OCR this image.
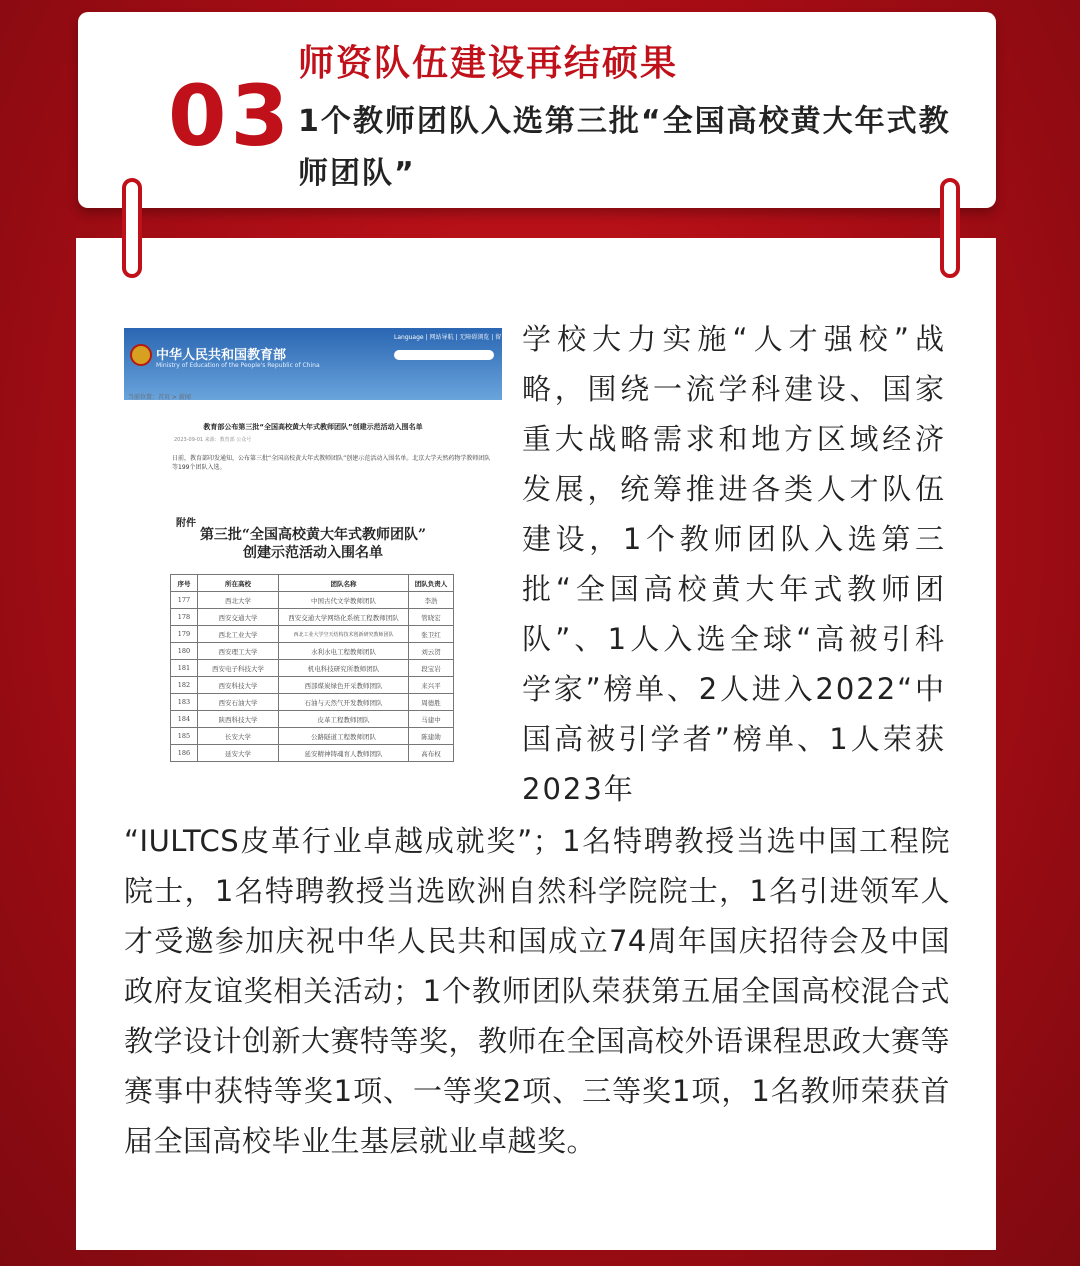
03
师资队伍建设再结硕果
1个教师团队入选第三批“全国高校黄大年式教师团队”
中华人民共和国教育部
Ministry of Education of the People's Republic of China
Language | 网站导航 | 无障碍浏览 | 留言 | 微博
当前位置：首页 > 新闻
教育部公布第三批“全国高校黄大年式教师团队”创建示范活动入围名单
2023-09-01 来源：教育部 公众号
日前，教育部印发通知，公布第三批“全国高校黄大年式教师团队”创建示范活动入围名单。北京大学天然药物学教师团队等199个团队入选。
附件
第三批“全国高校黄大年式教师团队”
创建示范活动入围名单
序号	所在高校	团队名称	团队负责人
177	西北大学	中国古代文学教师团队	李浩
178	西安交通大学	西安交通大学网络化系统工程教师团队	管晓宏
179	西北工业大学	西北工业大学空天结构技术创新研究教师团队	张卫红
180	西安理工大学	水利水电工程教师团队	刘云贺
181	西安电子科技大学	机电科技研究所教师团队	段宝岩
182	西安科技大学	西部煤炭绿色开采教师团队	来兴平
183	西安石油大学	石油与天然气开发教师团队	周德胜
184	陕西科技大学	皮革工程教师团队	马建中
185	长安大学	公路隧道工程教师团队	陈建勋
186	延安大学	延安精神铸魂育人教师团队	高布权
学校大力实施“人才强校”战略，围绕一流学科建设、国家重大战略需求和地方区域经济发展，统筹推进各类人才队伍建设，1个教师团队入选第三批“全国高校黄大年式教师团队”、1人入选全球“高被引科学家”榜单、2人进入2022“中国高被引学者”榜单、1人荣获2023年
“IULTCS皮革行业卓越成就奖”；1名特聘教授当选中国工程院院士，1名特聘教授当选欧洲自然科学院院士，1名引进领军人才受邀参加庆祝中华人民共和国成立74周年国庆招待会及中国政府友谊奖相关活动；1个教师团队荣获第五届全国高校混合式教学设计创新大赛特等奖，教师在全国高校外语课程思政大赛等赛事中获特等奖1项、一等奖2项、三等奖1项，1名教师荣获首届全国高校毕业生基层就业卓越奖。
